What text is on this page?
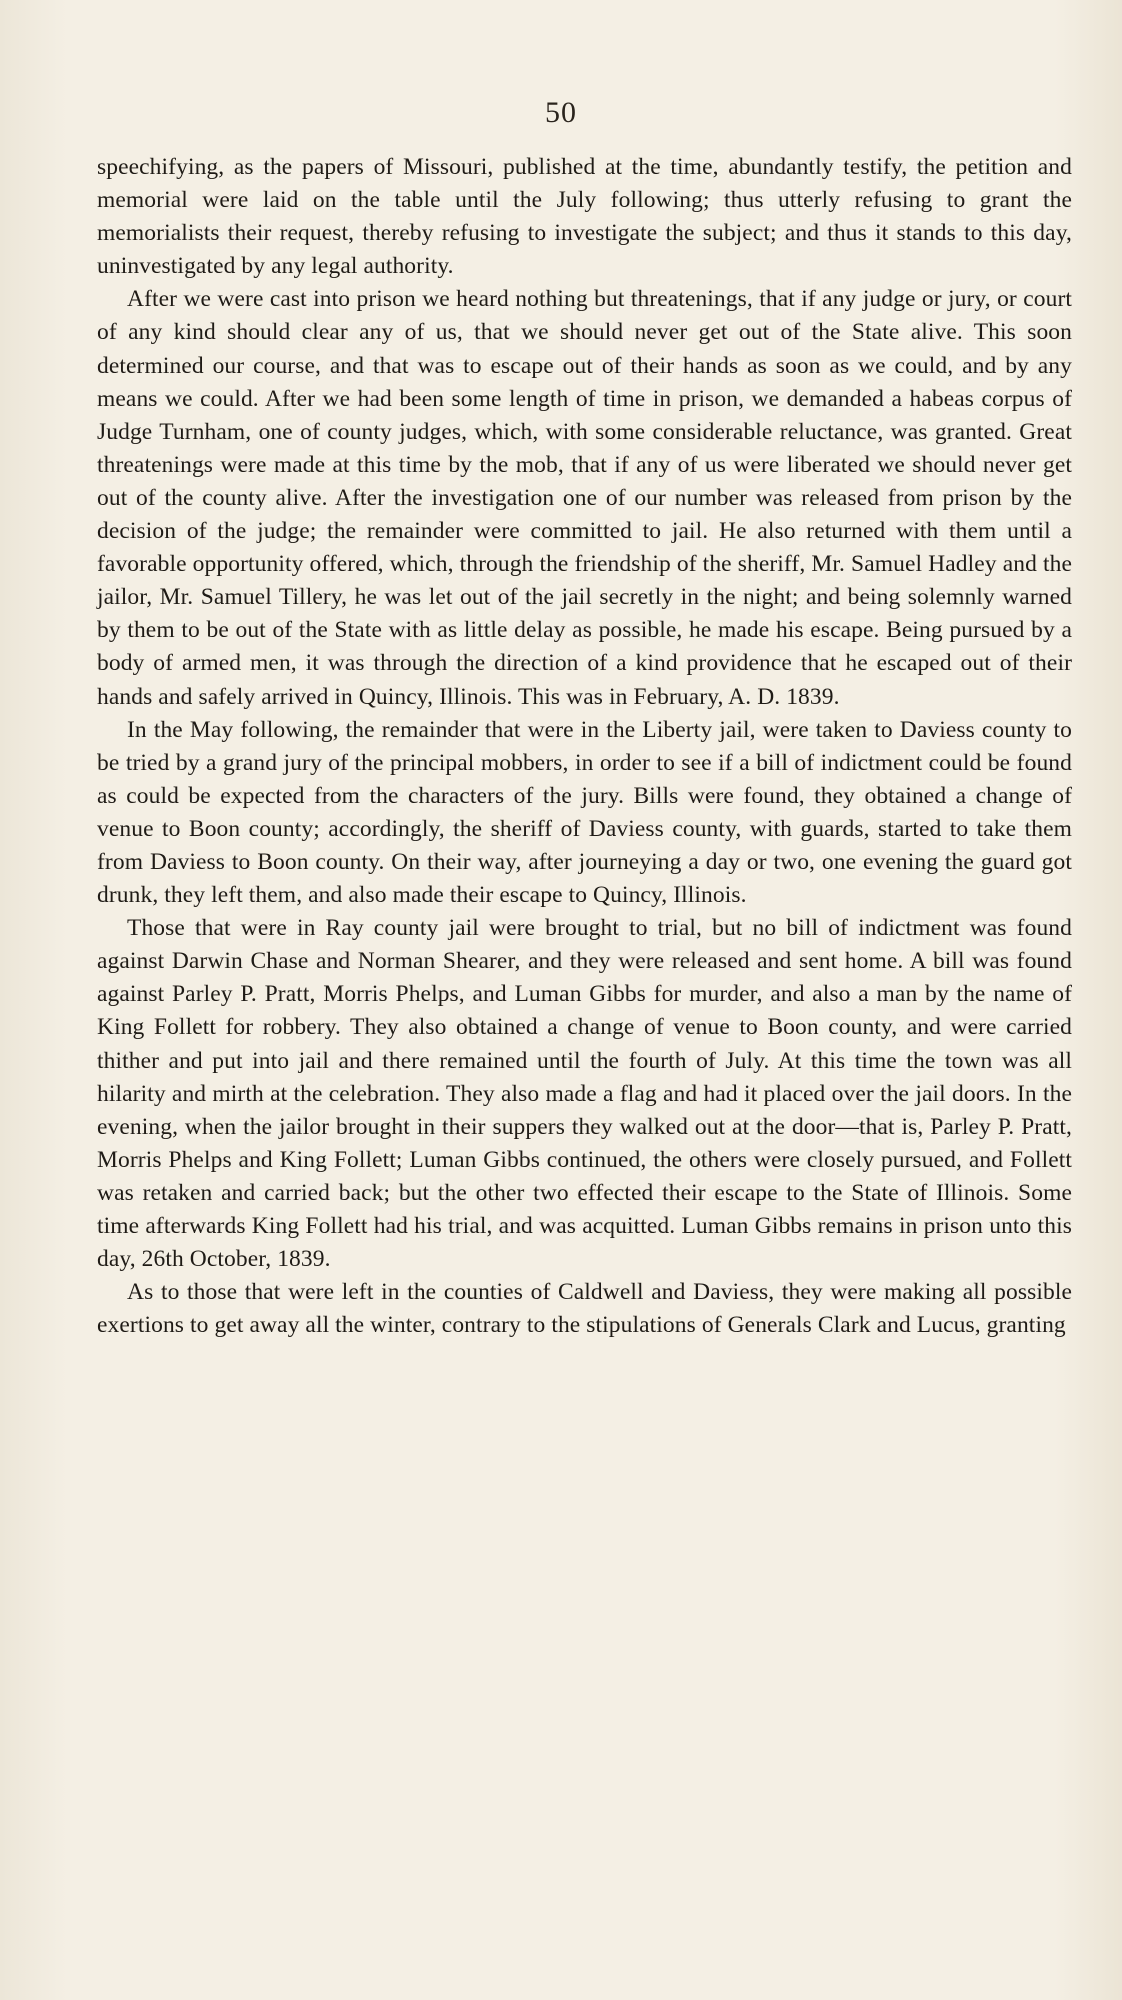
50

speechifying, as the papers of Missouri, published at the time, abundantly testify, the petition and memorial were laid on the table until the July following; thus utterly refusing to grant the memorialists their request, thereby refusing to investigate the subject; and thus it stands to this day, uninvestigated by any legal authority.

After we were cast into prison we heard nothing but threatenings, that if any judge or jury, or court of any kind should clear any of us, that we should never get out of the State alive. This soon determined our course, and that was to escape out of their hands as soon as we could, and by any means we could. After we had been some length of time in prison, we demanded a habeas corpus of Judge Turnham, one of county judges, which, with some considerable reluctance, was granted. Great threatenings were made at this time by the mob, that if any of us were liberated we should never get out of the county alive. After the investigation one of our number was released from prison by the decision of the judge; the remainder were committed to jail. He also returned with them until a favorable opportunity offered, which, through the friendship of the sheriff, Mr. Samuel Hadley and the jailor, Mr. Samuel Tillery, he was let out of the jail secretly in the night; and being solemnly warned by them to be out of the State with as little delay as possible, he made his escape. Being pursued by a body of armed men, it was through the direction of a kind providence that he escaped out of their hands and safely arrived in Quincy, Illinois. This was in February, A. D. 1839.

In the May following, the remainder that were in the Liberty jail, were taken to Daviess county to be tried by a grand jury of the principal mobbers, in order to see if a bill of indictment could be found as could be expected from the characters of the jury. Bills were found, they obtained a change of venue to Boon county; accordingly, the sheriff of Daviess county, with guards, started to take them from Daviess to Boon county. On their way, after journeying a day or two, one evening the guard got drunk, they left them, and also made their escape to Quincy, Illinois.

Those that were in Ray county jail were brought to trial, but no bill of indictment was found against Darwin Chase and Norman Shearer, and they were released and sent home. A bill was found against Parley P. Pratt, Morris Phelps, and Luman Gibbs for murder, and also a man by the name of King Follett for robbery. They also obtained a change of venue to Boon county, and were carried thither and put into jail and there remained until the fourth of July. At this time the town was all hilarity and mirth at the celebration. They also made a flag and had it placed over the jail doors. In the evening, when the jailor brought in their suppers they walked out at the door—that is, Parley P. Pratt, Morris Phelps and King Follett; Luman Gibbs continued, the others were closely pursued, and Follett was retaken and carried back; but the other two effected their escape to the State of Illinois. Some time afterwards King Follett had his trial, and was acquitted. Luman Gibbs remains in prison unto this day, 26th October, 1839.

As to those that were left in the counties of Caldwell and Daviess, they were making all possible exertions to get away all the winter, contrary to the stipulations of Generals Clark and Lucus, granting
